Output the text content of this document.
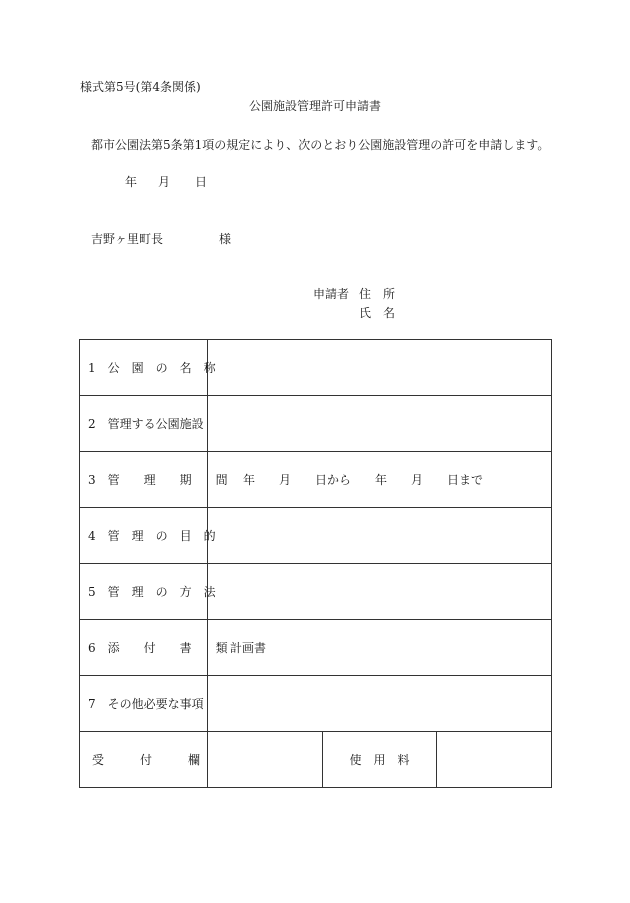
様式第5号(第4条関係)
公園施設管理許可申請書
都市公園法第5条第1項の規定により、次のとおり公園施設管理の許可を申請します。
年 月 日
吉野ヶ里町長	様
申請者 住　所
氏　名
1　公　園　の　名　称			
2　管理する公園施設			
3　管　　理　　期　　間	年　　月　　日から　　年　　月　　日まで		
4　管　理　の　目　的			
5　管　理　の　方　法			
6　添　　付　　書　　類	計画書		
7　その他必要な事項			
受　　　付　　　欄		使　用　料	
